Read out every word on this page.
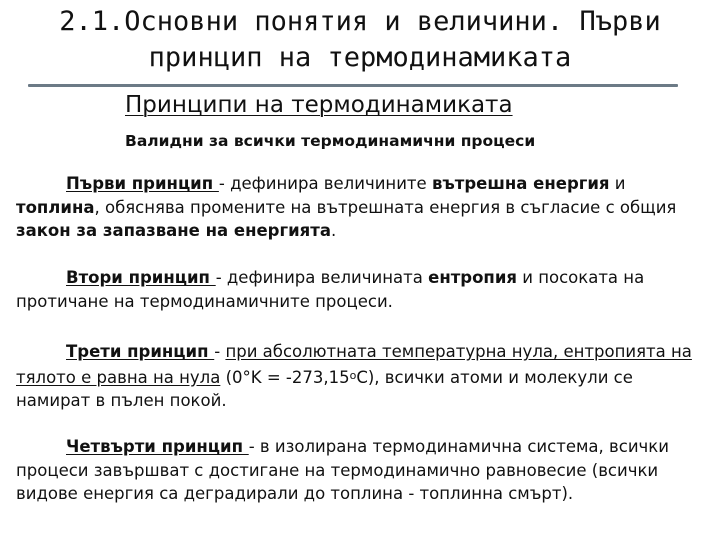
2.1.Основни понятия и величини. Първи
принцип на термодинамиката
Принципи на термодинамиката
Валидни за всички термодинамични процеси
Първи принцип - дефинира величините вътрешна енергия и топлина, обяснява промените на вътрешната енергия в съгласие с общия закон за запазване на енергията.
Втори принцип - дефинира величината ентропия и посоката на протичане на термодинамичните процеси.
Трети принцип - при абсолютната температурна нула, ентропията на тялото е равна на нула $(0^\circ K = -273,15^оС)$, всички атоми и молекули се намират в пълен покой.
Четвърти принцип - в изолирана термодинамична система, всички процеси завършват с достигане на термодинамично равновесие (всички видове енергия са деградирали до топлина - топлинна смърт).
